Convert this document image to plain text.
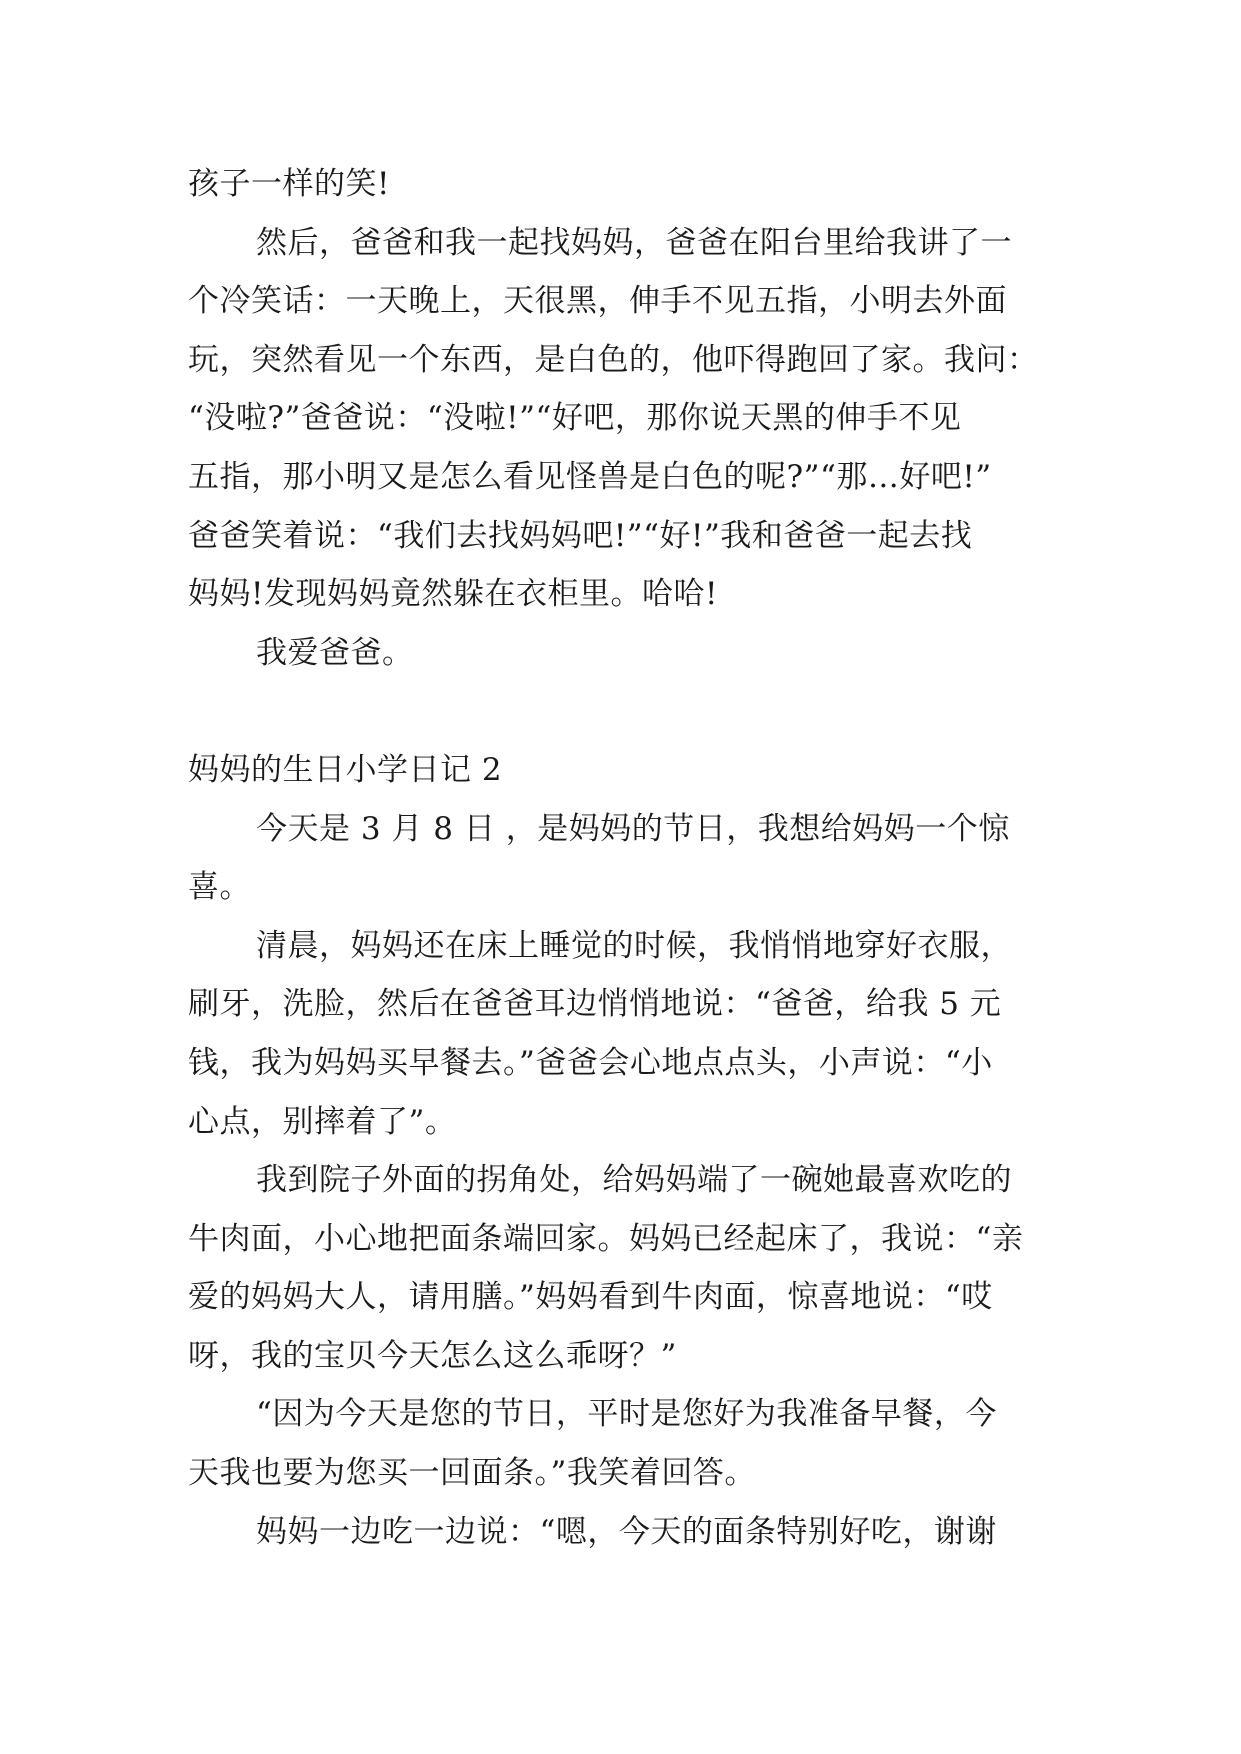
孩子一样的笑!
然后，爸爸和我一起找妈妈，爸爸在阳台里给我讲了一
个冷笑话：一天晚上，天很黑，伸手不见五指，小明去外面
玩，突然看见一个东西，是白色的，他吓得跑回了家。我问：
“没啦?”爸爸说：“没啦!”“好吧，那你说天黑的伸手不见
五指，那小明又是怎么看见怪兽是白色的呢?”“那…好吧!”
爸爸笑着说：“我们去找妈妈吧!”“好!”我和爸爸一起去找
妈妈!发现妈妈竟然躲在衣柜里。哈哈!
我爱爸爸。
妈妈的生日小学日记 2
今天是 3 月 8 日 ，是妈妈的节日，我想给妈妈一个惊
喜。
清晨，妈妈还在床上睡觉的时候，我悄悄地穿好衣服，
刷牙，洗脸，然后在爸爸耳边悄悄地说：“爸爸，给我 5 元
钱，我为妈妈买早餐去。”爸爸会心地点点头，小声说：“小
心点，别摔着了”。
我到院子外面的拐角处，给妈妈端了一碗她最喜欢吃的
牛肉面，小心地把面条端回家。妈妈已经起床了，我说：“亲
爱的妈妈大人，请用膳。”妈妈看到牛肉面，惊喜地说：“哎
呀，我的宝贝今天怎么这么乖呀？”
“因为今天是您的节日，平时是您好为我准备早餐，今
天我也要为您买一回面条。”我笑着回答。
妈妈一边吃一边说：“嗯，今天的面条特别好吃，谢谢
